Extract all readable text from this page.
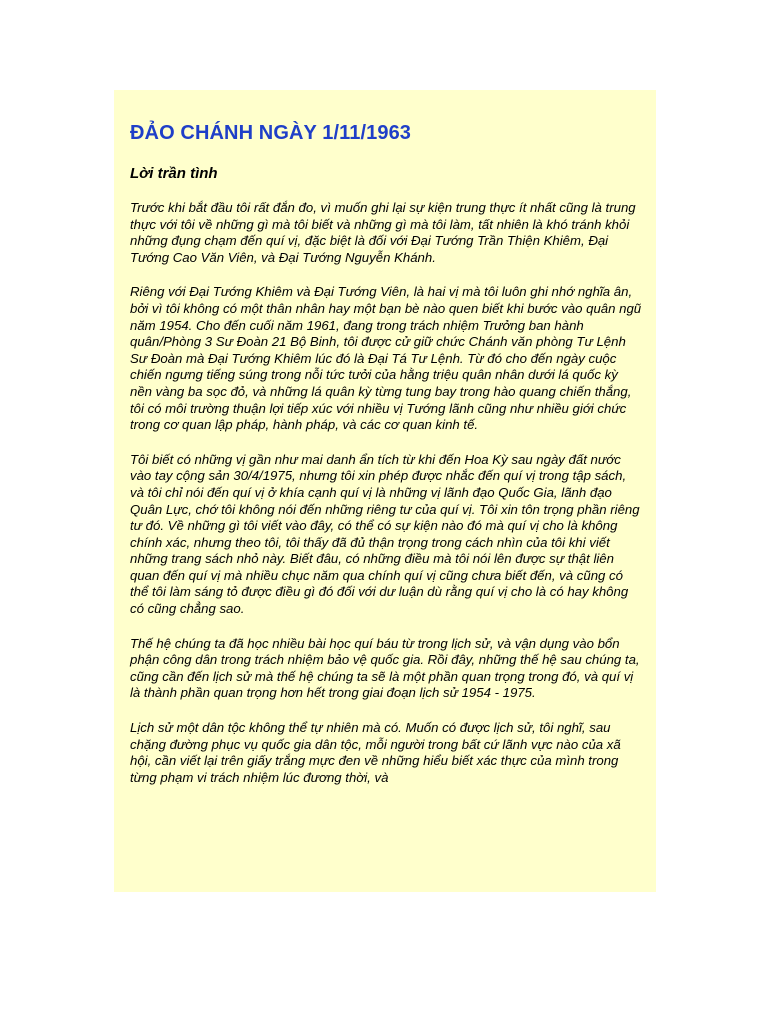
ĐẢO CHÁNH NGÀY 1/11/1963
Lời trần tình

Trước khi bắt đầu tôi rất đắn đo, vì muốn ghi lại sự kiện trung thực ít nhất cũng là trung thực với tôi về những gì mà tôi biết và những gì mà tôi làm, tất nhiên là khó tránh khỏi những đụng chạm đến quí vị, đặc biệt là đối với Đại Tướng Trần Thiện Khiêm, Đại Tướng Cao Văn Viên, và Đại Tướng Nguyễn Khánh.

Riêng với Đại Tướng Khiêm và Đại Tướng Viên, là hai vị mà tôi luôn ghi nhớ nghĩa ân, bởi vì tôi không có một thân nhân hay một bạn bè nào quen biết khi bước vào quân ngũ năm 1954. Cho đến cuối năm 1961, đang trong trách nhiệm Trưởng ban hành quân/Phòng 3 Sư Đoàn 21 Bộ Binh, tôi được cử giữ chức Chánh văn phòng Tư Lệnh Sư Đoàn mà Đại Tướng Khiêm lúc đó là Đại Tá Tư Lệnh. Từ đó cho đến ngày cuộc chiến ngưng tiếng súng trong nỗi tức tưởi của hằng triệu quân nhân dưới lá quốc kỳ nền vàng ba sọc đỏ, và những lá quân kỳ từng tung bay trong hào quang chiến thắng, tôi có môi trường thuận lợi tiếp xúc với nhiều vị Tướng lãnh cũng như nhiều giới chức trong cơ quan lập pháp, hành pháp, và các cơ quan kinh tế.

Tôi biết có những vị gần như mai danh ẩn tích từ khi đến Hoa Kỳ sau ngày đất nước vào tay cộng sản 30/4/1975, nhưng tôi xin phép được nhắc đến quí vị trong tập sách, và tôi chỉ nói đến quí vị ở khía cạnh quí vị là những vị lãnh đạo Quốc Gia, lãnh đạo Quân Lực, chớ tôi không nói đến những riêng tư của quí vị. Tôi xin tôn trọng phần riêng tư đó. Về những gì tôi viết vào đây, có thể có sự kiện nào đó mà quí vị cho là không chính xác, nhưng theo tôi, tôi thấy đã đủ thận trọng trong cách nhìn của tôi khi viết những trang sách nhỏ này. Biết đâu, có những điều mà tôi nói lên được sự thật liên quan đến quí vị mà nhiều chục năm qua chính quí vị cũng chưa biết đến, và cũng có thể tôi làm sáng tỏ được điều gì đó đối với dư luận dù rằng quí vị cho là có hay không có cũng chẳng sao.

Thế hệ chúng ta đã học nhiều bài học quí báu từ trong lịch sử, và vận dụng vào bổn phận công dân trong trách nhiệm bảo vệ quốc gia. Rồi đây, những thế hệ sau chúng ta, cũng cần đến lịch sử mà thế hệ chúng ta sẽ là một phần quan trọng trong đó, và quí vị là thành phần quan trọng hơn hết trong giai đoạn lịch sử 1954 - 1975.

Lịch sử một dân tộc không thể tự nhiên mà có. Muốn có được lịch sử, tôi nghĩ, sau chặng đường phục vụ quốc gia dân tộc, mỗi người trong bất cứ lãnh vực nào của xã hội, cần viết lại trên giấy trắng mực đen về những hiểu biết xác thực của mình trong từng phạm vi trách nhiệm lúc đương thời, và
